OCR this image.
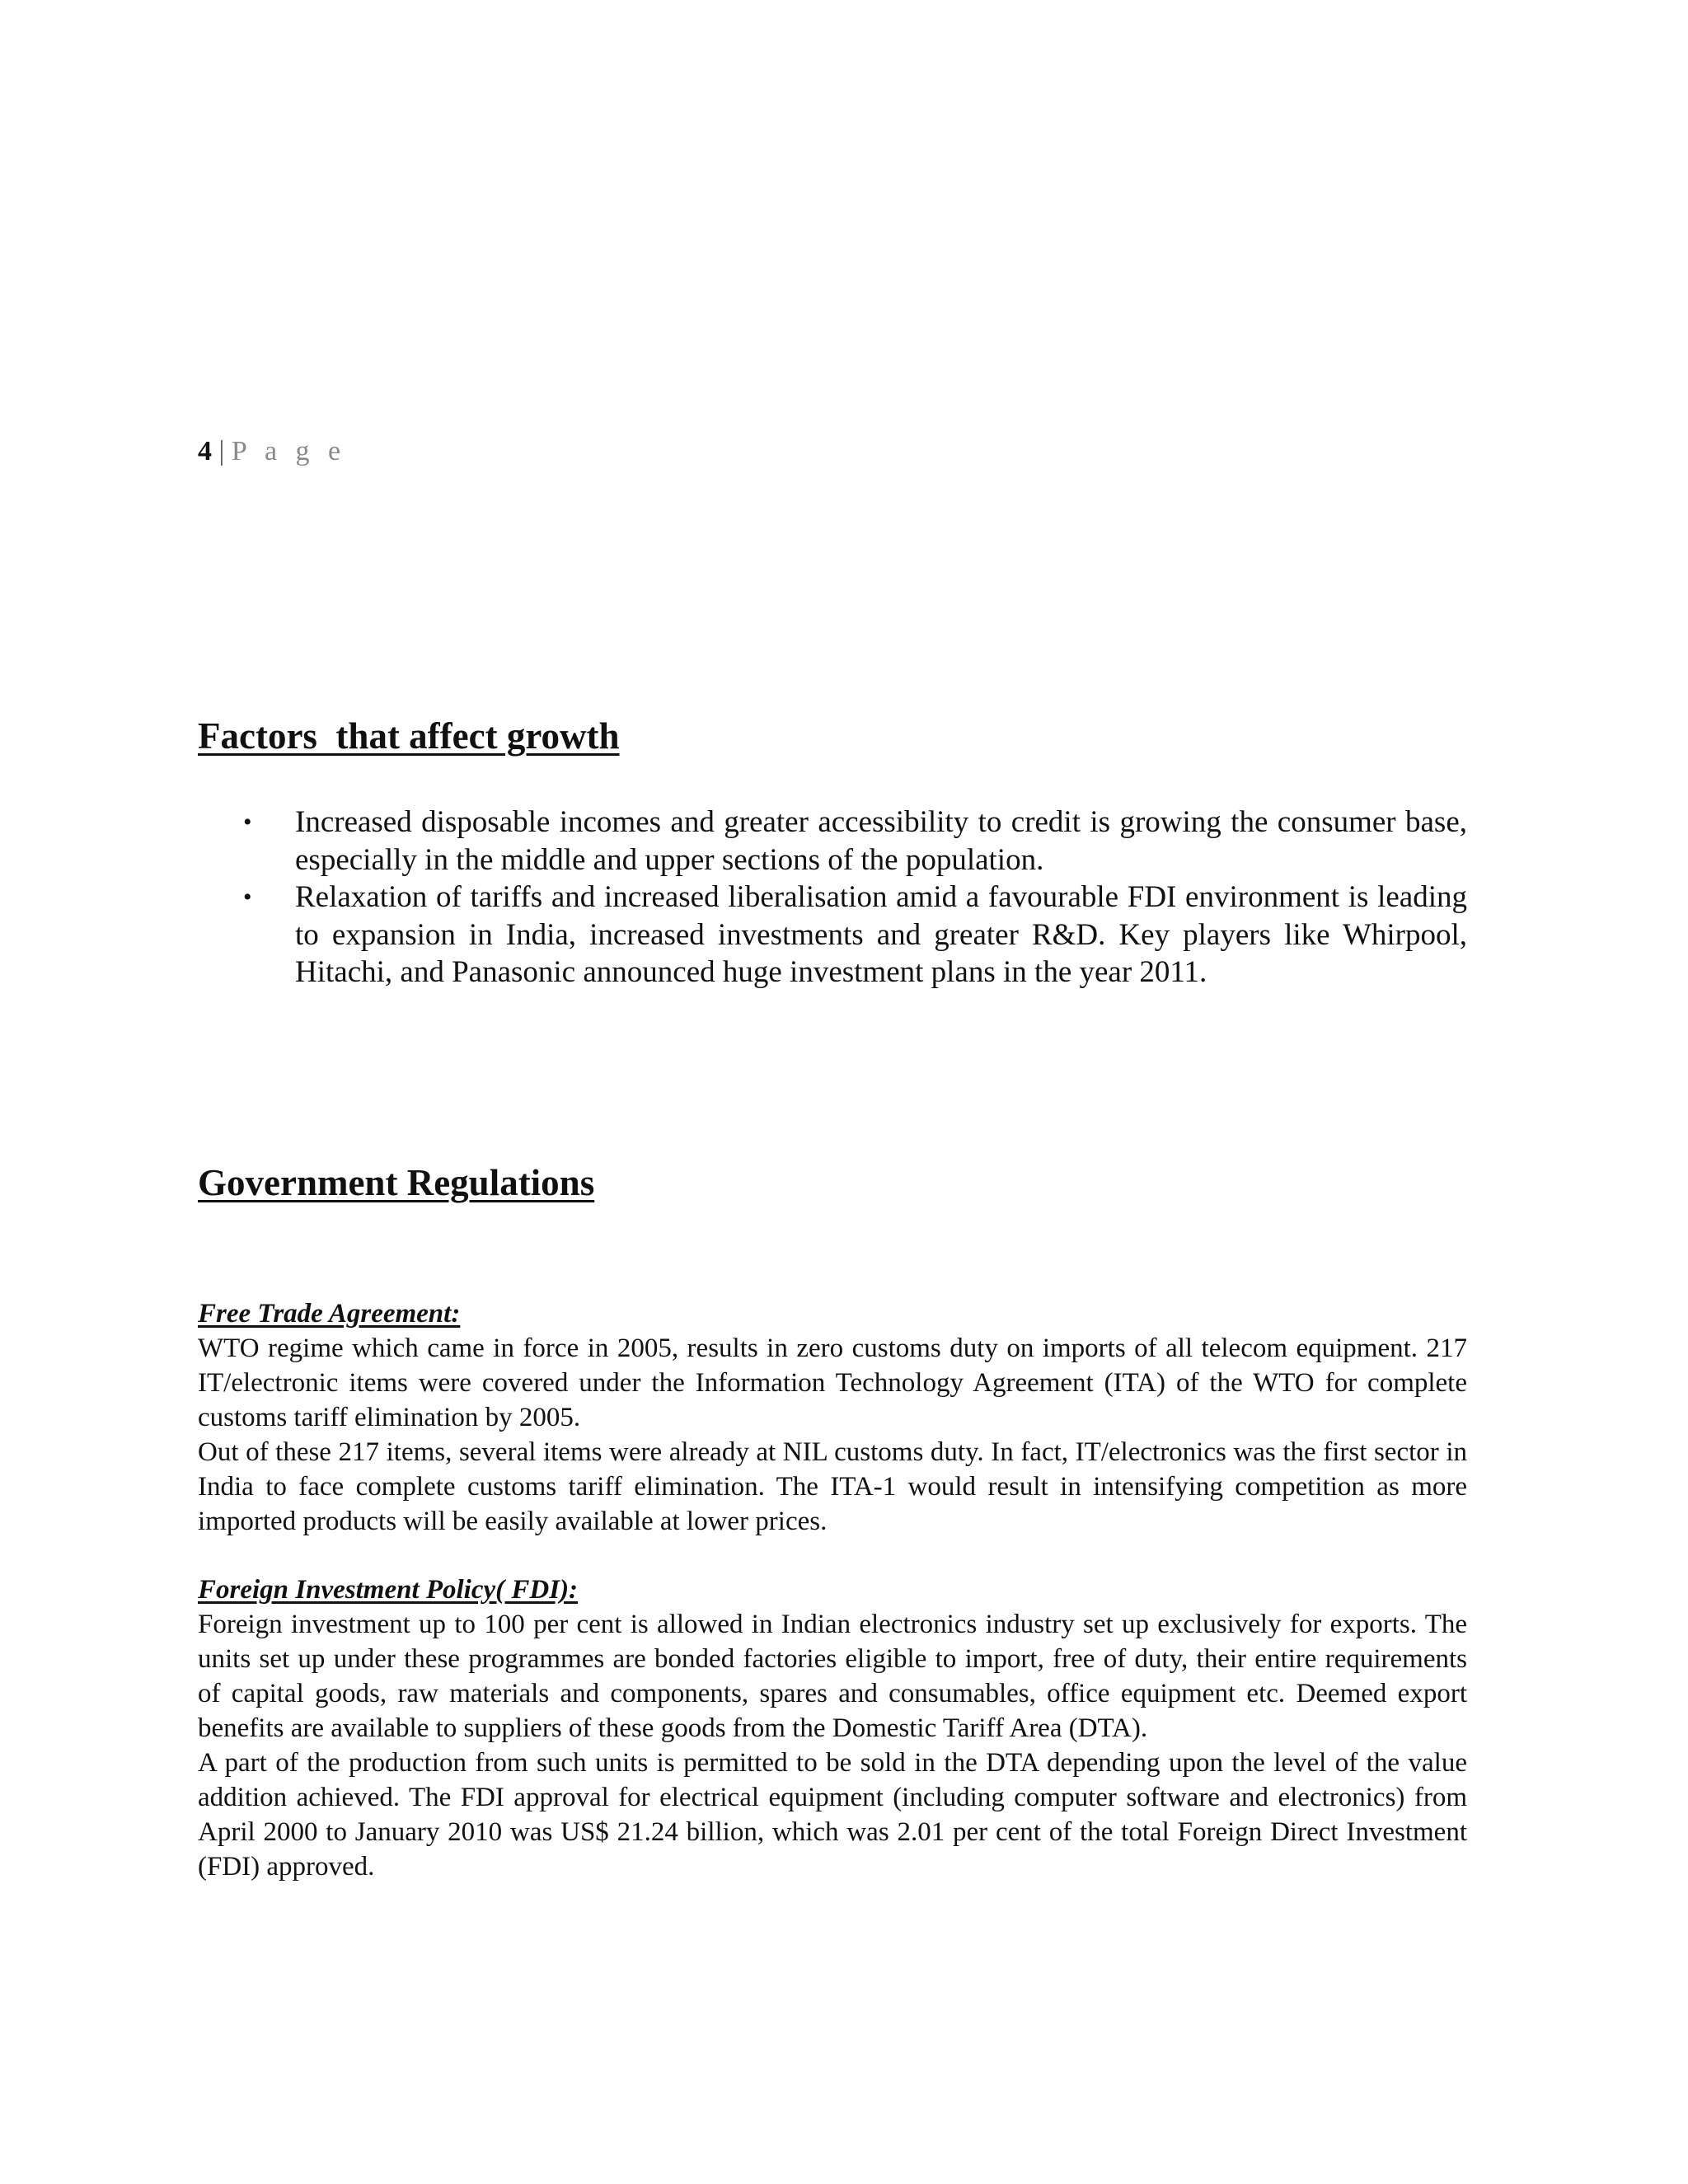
4 | P a g e
Factors  that affect growth
• Increased disposable incomes and greater accessibility to credit is growing the consumer base, especially in the middle and upper sections of the population.
• Relaxation of tariffs and increased liberalisation amid a favourable FDI environment is leading to expansion in India, increased investments and greater R&D. Key players like Whirpool, Hitachi, and Panasonic announced huge investment plans in the year 2011.
Government Regulations

Free Trade Agreement:

WTO regime which came in force in 2005, results in zero customs duty on imports of all telecom equipment. 217 IT/electronic items were covered under the Information Technology Agreement (ITA) of the WTO for complete customs tariff elimination by 2005.

Out of these 217 items, several items were already at NIL customs duty. In fact, IT/electronics was the first sector in India to face complete customs tariff elimination. The ITA-1 would result in intensifying competition as more imported products will be easily available at lower prices.

Foreign Investment Policy( FDI):

Foreign investment up to 100 per cent is allowed in Indian electronics industry set up exclusively for exports. The units set up under these programmes are bonded factories eligible to import, free of duty, their entire requirements of capital goods, raw materials and components, spares and consumables, office equipment etc. Deemed export benefits are available to suppliers of these goods from the Domestic Tariff Area (DTA).

A part of the production from such units is permitted to be sold in the DTA depending upon the level of the value addition achieved. The FDI approval for electrical equipment (including computer software and electronics) from April 2000 to January 2010 was US$ 21.24 billion, which was 2.01 per cent of the total Foreign Direct Investment (FDI) approved.
